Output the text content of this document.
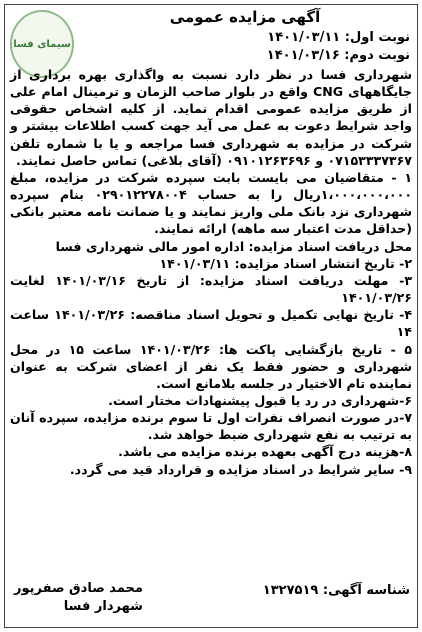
سیمای فسا
آگهی مزایده عمومی
نوبت اول: ۱۴۰۱/۰۳/۱۱
نوبت دوم: ۱۴۰۱/۰۳/۱۶

شهرداری فسا در نظر دارد نسبت به واگذاری بهره برداری از جایگاههای CNG واقع در بلوار صاحب الزمان و ترمینال امام علی از طریق مزایده عمومی اقدام نماید. از کلیه اشخاص حقوقی واجد شرایط دعوت به عمل می آید جهت کسب اطلاعات بیشتر و شرکت در مزایده به شهرداری فسا مراجعه و یا با شماره تلفن ۰۷۱۵۳۳۳۷۳۶۷ و ۰۹۱۰۱۲۶۳۶۹۶ (آقای بلاغی) تماس حاصل نمایند.

۱ - متقاضیان می بایست بابت سپرده شرکت در مزایده، مبلغ ۱،۰۰۰،۰۰۰،۰۰۰ریال را به حساب ۰۲۹۰۱۲۲۷۸۰۰۴ بنام سپرده شهرداری نزد بانک ملی واریز نمایند و یا ضمانت نامه معتبر بانکی (حداقل مدت اعتبار سه ماهه) ارائه نمایند.

محل دریافت اسناد مزایده: اداره امور مالی شهرداری فسا

۲- تاریخ انتشار اسناد مزایده: ۱۴۰۱/۰۳/۱۱

۳- مهلت دریافت اسناد مزایده: از تاریخ ۱۴۰۱/۰۳/۱۶ لغایت ۱۴۰۱/۰۳/۲۶

۴- تاریخ نهایی تکمیل و تحویل اسناد مناقصه: ۱۴۰۱/۰۳/۲۶ ساعت ۱۴

۵ - تاریخ بازگشایی پاکت ها: ۱۴۰۱/۰۳/۲۶ ساعت ۱۵ در محل شهرداری و حضور فقط یک نفر از اعضای شرکت به عنوان نماینده تام الاختیار در جلسه بلامانع است.

۶-شهرداری در رد یا قبول پیشنهادات مختار است.

۷-در صورت انصراف نفرات اول تا سوم برنده مزایده، سپرده آنان به ترتیب به نفع شهرداری ضبط خواهد شد.

۸-هزینه درج آگهی بعهده برنده مزایده می باشد.

۹- سایر شرایط در اسناد مزایده و قرارداد قید می گردد.

شناسه آگهی: ۱۳۲۷۵۱۹
محمد صادق صفرپور
شهردار فسا
